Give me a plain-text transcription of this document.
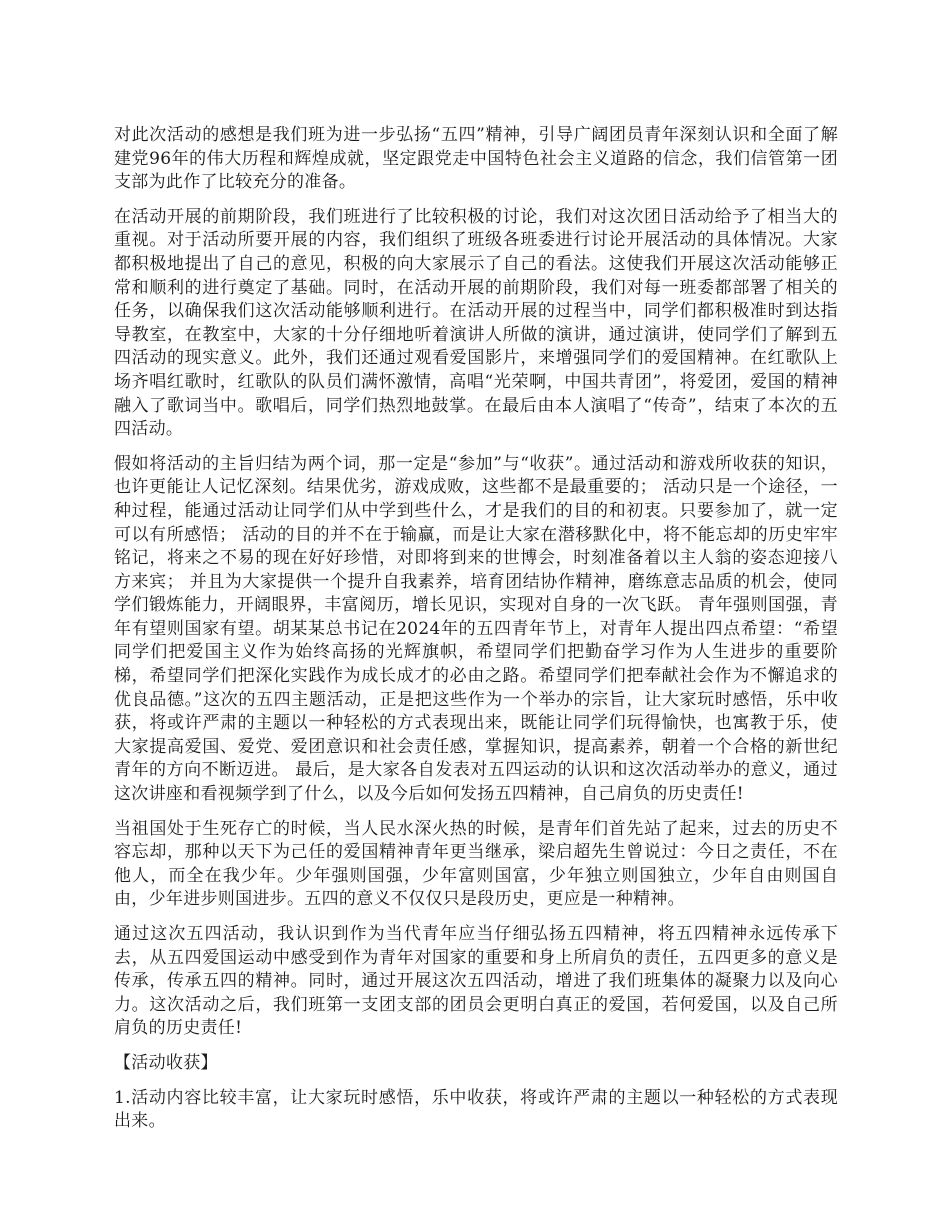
对此次活动的感想是我们班为进一步弘扬“五四”精神，引导广阔团员青年深刻认识和全面了解建党96年的伟大历程和辉煌成就，坚定跟党走中国特色社会主义道路的信念，我们信管第一团支部为此作了比较充分的准备。

在活动开展的前期阶段，我们班进行了比较积极的讨论，我们对这次团日活动给予了相当大的重视。对于活动所要开展的内容，我们组织了班级各班委进行讨论开展活动的具体情况。大家都积极地提出了自己的意见，积极的向大家展示了自己的看法。这使我们开展这次活动能够正常和顺利的进行奠定了基础。同时，在活动开展的前期阶段，我们对每一班委都部署了相关的任务，以确保我们这次活动能够顺利进行。在活动开展的过程当中，同学们都积极准时到达指导教室，在教室中，大家的十分仔细地听着演讲人所做的演讲，通过演讲，使同学们了解到五四活动的现实意义。此外，我们还通过观看爱国影片，来增强同学们的爱国精神。在红歌队上场齐唱红歌时，红歌队的队员们满怀激情，高唱“光荣啊，中国共青团”，将爱团，爱国的精神融入了歌词当中。歌唱后，同学们热烈地鼓掌。在最后由本人演唱了“传奇”，结束了本次的五四活动。

假如将活动的主旨归结为两个词，那一定是“参加”与“收获”。通过活动和游戏所收获的知识，也许更能让人记忆深刻。结果优劣，游戏成败，这些都不是最重要的； 活动只是一个途径，一种过程，能通过活动让同学们从中学到些什么，才是我们的目的和初衷。只要参加了，就一定可以有所感悟； 活动的目的并不在于输赢，而是让大家在潜移默化中，将不能忘却的历史牢牢铭记，将来之不易的现在好好珍惜，对即将到来的世博会，时刻准备着以主人翁的姿态迎接八方来宾； 并且为大家提供一个提升自我素养，培育团结协作精神，磨练意志品质的机会，使同学们锻炼能力，开阔眼界，丰富阅历，增长见识，实现对自身的一次飞跃。 青年强则国强，青年有望则国家有望。胡某某总书记在2024年的五四青年节上，对青年人提出四点希望：“希望同学们把爱国主义作为始终高扬的光辉旗帜，希望同学们把勤奋学习作为人生进步的重要阶梯，希望同学们把深化实践作为成长成才的必由之路。希望同学们把奉献社会作为不懈追求的优良品德。”这次的五四主题活动，正是把这些作为一个举办的宗旨，让大家玩时感悟，乐中收获，将或许严肃的主题以一种轻松的方式表现出来，既能让同学们玩得愉快，也寓教于乐，使大家提高爱国、爱党、爱团意识和社会责任感，掌握知识，提高素养，朝着一个合格的新世纪青年的方向不断迈进。 最后，是大家各自发表对五四运动的认识和这次活动举办的意义，通过这次讲座和看视频学到了什么，以及今后如何发扬五四精神，自己肩负的历史责任!

当祖国处于生死存亡的时候，当人民水深火热的时候，是青年们首先站了起来，过去的历史不容忘却，那种以天下为己任的爱国精神青年更当继承，梁启超先生曾说过：今日之责任，不在他人，而全在我少年。少年强则国强，少年富则国富，少年独立则国独立，少年自由则国自由，少年进步则国进步。五四的意义不仅仅只是段历史，更应是一种精神。

通过这次五四活动，我认识到作为当代青年应当仔细弘扬五四精神，将五四精神永远传承下去，从五四爱国运动中感受到作为青年对国家的重要和身上所肩负的责任，五四更多的意义是传承，传承五四的精神。同时，通过开展这次五四活动，增进了我们班集体的凝聚力以及向心力。这次活动之后，我们班第一支团支部的团员会更明白真正的爱国，若何爱国，以及自己所肩负的历史责任!

【活动收获】

1.活动内容比较丰富，让大家玩时感悟，乐中收获，将或许严肃的主题以一种轻松的方式表现出来。
